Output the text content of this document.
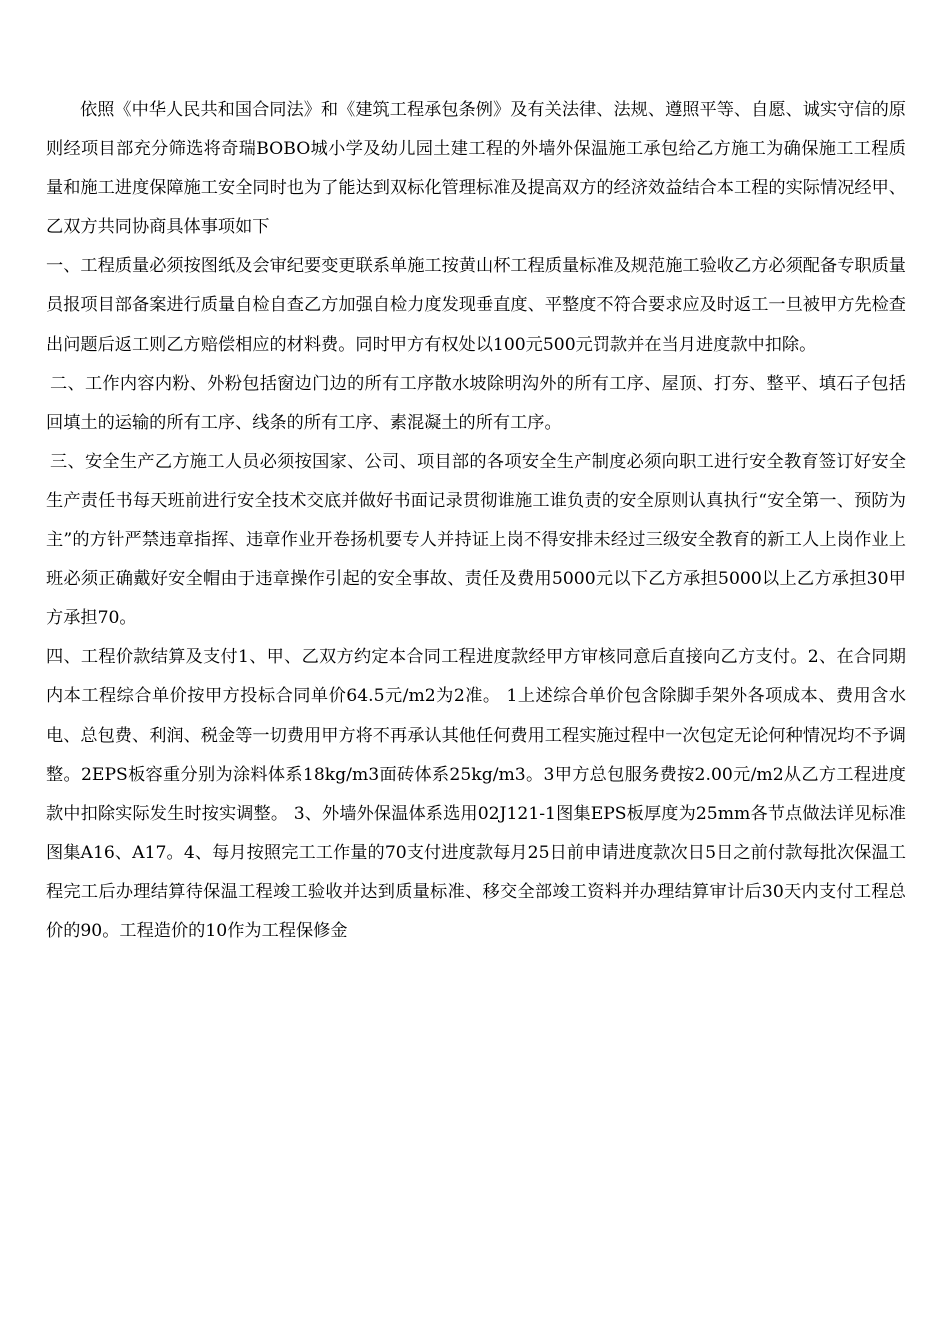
依照《中华人民共和国合同法》和《建筑工程承包条例》及有关法律、法规、遵照平等、自愿、诚实守信的原则经项目部充分筛选将奇瑞BOBO城小学及幼儿园土建工程的外墙外保温施工承包给乙方施工为确保施工工程质量和施工进度保障施工安全同时也为了能达到双标化管理标准及提高双方的经济效益结合本工程的实际情况经甲、乙双方共同协商具体事项如下

一、工程质量必须按图纸及会审纪要变更联系单施工按黄山杯工程质量标准及规范施工验收乙方必须配备专职质量员报项目部备案进行质量自检自查乙方加强自检力度发现垂直度、平整度不符合要求应及时返工一旦被甲方先检查出问题后返工则乙方赔偿相应的材料费。同时甲方有权处以100元500元罚款并在当月进度款中扣除。

二、工作内容内粉、外粉包括窗边门边的所有工序散水坡除明沟外的所有工序、屋顶、打夯、整平、填石子包括回填土的运输的所有工序、线条的所有工序、素混凝土的所有工序。

三、安全生产乙方施工人员必须按国家、公司、项目部的各项安全生产制度必须向职工进行安全教育签订好安全生产责任书每天班前进行安全技术交底并做好书面记录贯彻谁施工谁负责的安全原则认真执行“安全第一、预防为主”的方针严禁违章指挥、违章作业开卷扬机要专人并持证上岗不得安排未经过三级安全教育的新工人上岗作业上班必须正确戴好安全帽由于违章操作引起的安全事故、责任及费用5000元以下乙方承担5000以上乙方承担30甲方承担70。

四、工程价款结算及支付1、甲、乙双方约定本合同工程进度款经甲方审核同意后直接向乙方支付。2、在合同期内本工程综合单价按甲方投标合同单价64.5元/m2为2准。 1上述综合单价包含除脚手架外各项成本、费用含水电、总包费、利润、税金等一切费用甲方将不再承认其他任何费用工程实施过程中一次包定无论何种情况均不予调整。2EPS板容重分别为涂料体系18kg/m3面砖体系25kg/m3。3甲方总包服务费按2.00元/m2从乙方工程进度款中扣除实际发生时按实调整。 3、外墙外保温体系选用02J121-1图集EPS板厚度为25mm各节点做法详见标准图集A16、A17。4、每月按照完工工作量的70支付进度款每月25日前申请进度款次日5日之前付款每批次保温工程完工后办理结算待保温工程竣工验收并达到质量标准、移交全部竣工资料并办理结算审计后30天内支付工程总价的90。工程造价的10作为工程保修金
